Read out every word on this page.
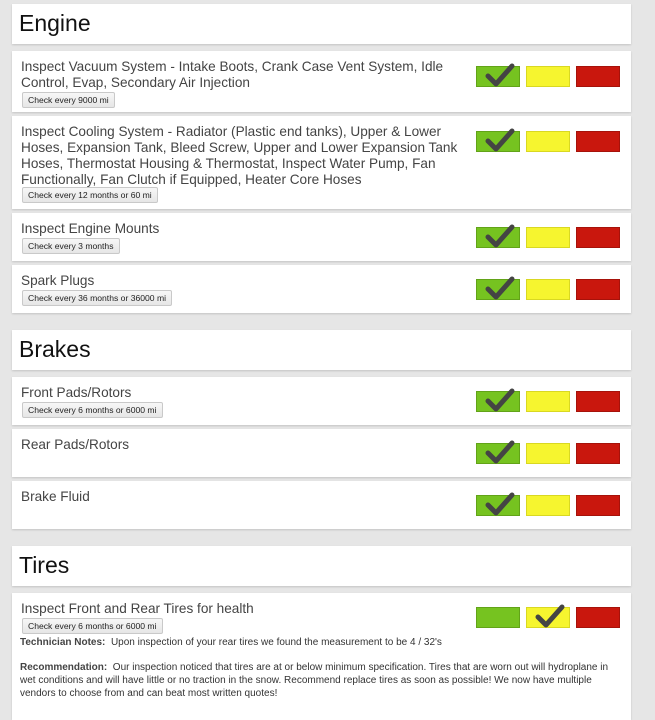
Engine

Inspect Vacuum System - Intake Boots, Crank Case Vent System, Idle Control, Evap, Secondary Air Injection

Check every 9000 mi

Inspect Cooling System - Radiator (Plastic end tanks), Upper & Lower Hoses, Expansion Tank, Bleed Screw, Upper and Lower Expansion Tank Hoses, Thermostat Housing & Thermostat, Inspect Water Pump, Fan Functionally, Fan Clutch if Equipped, Heater Core Hoses

Check every 12 months or 60 mi

Inspect Engine Mounts

Check every 3 months

Spark Plugs

Check every 36 months or 36000 mi
Brakes

Front Pads/Rotors

Check every 6 months or 6000 mi

Rear Pads/Rotors

Brake Fluid

Tires

Inspect Front and Rear Tires for health

Check every 6 months or 6000 mi

Technician Notes: Upon inspection of your rear tires we found the measurement to be 4 / 32's

Recommendation: Our inspection noticed that tires are at or below minimum specification. Tires that are worn out will hydroplane in wet conditions and will have little or no traction in the snow. Recommend replace tires as soon as possible! We now have multiple vendors to choose from and can beat most written quotes!
